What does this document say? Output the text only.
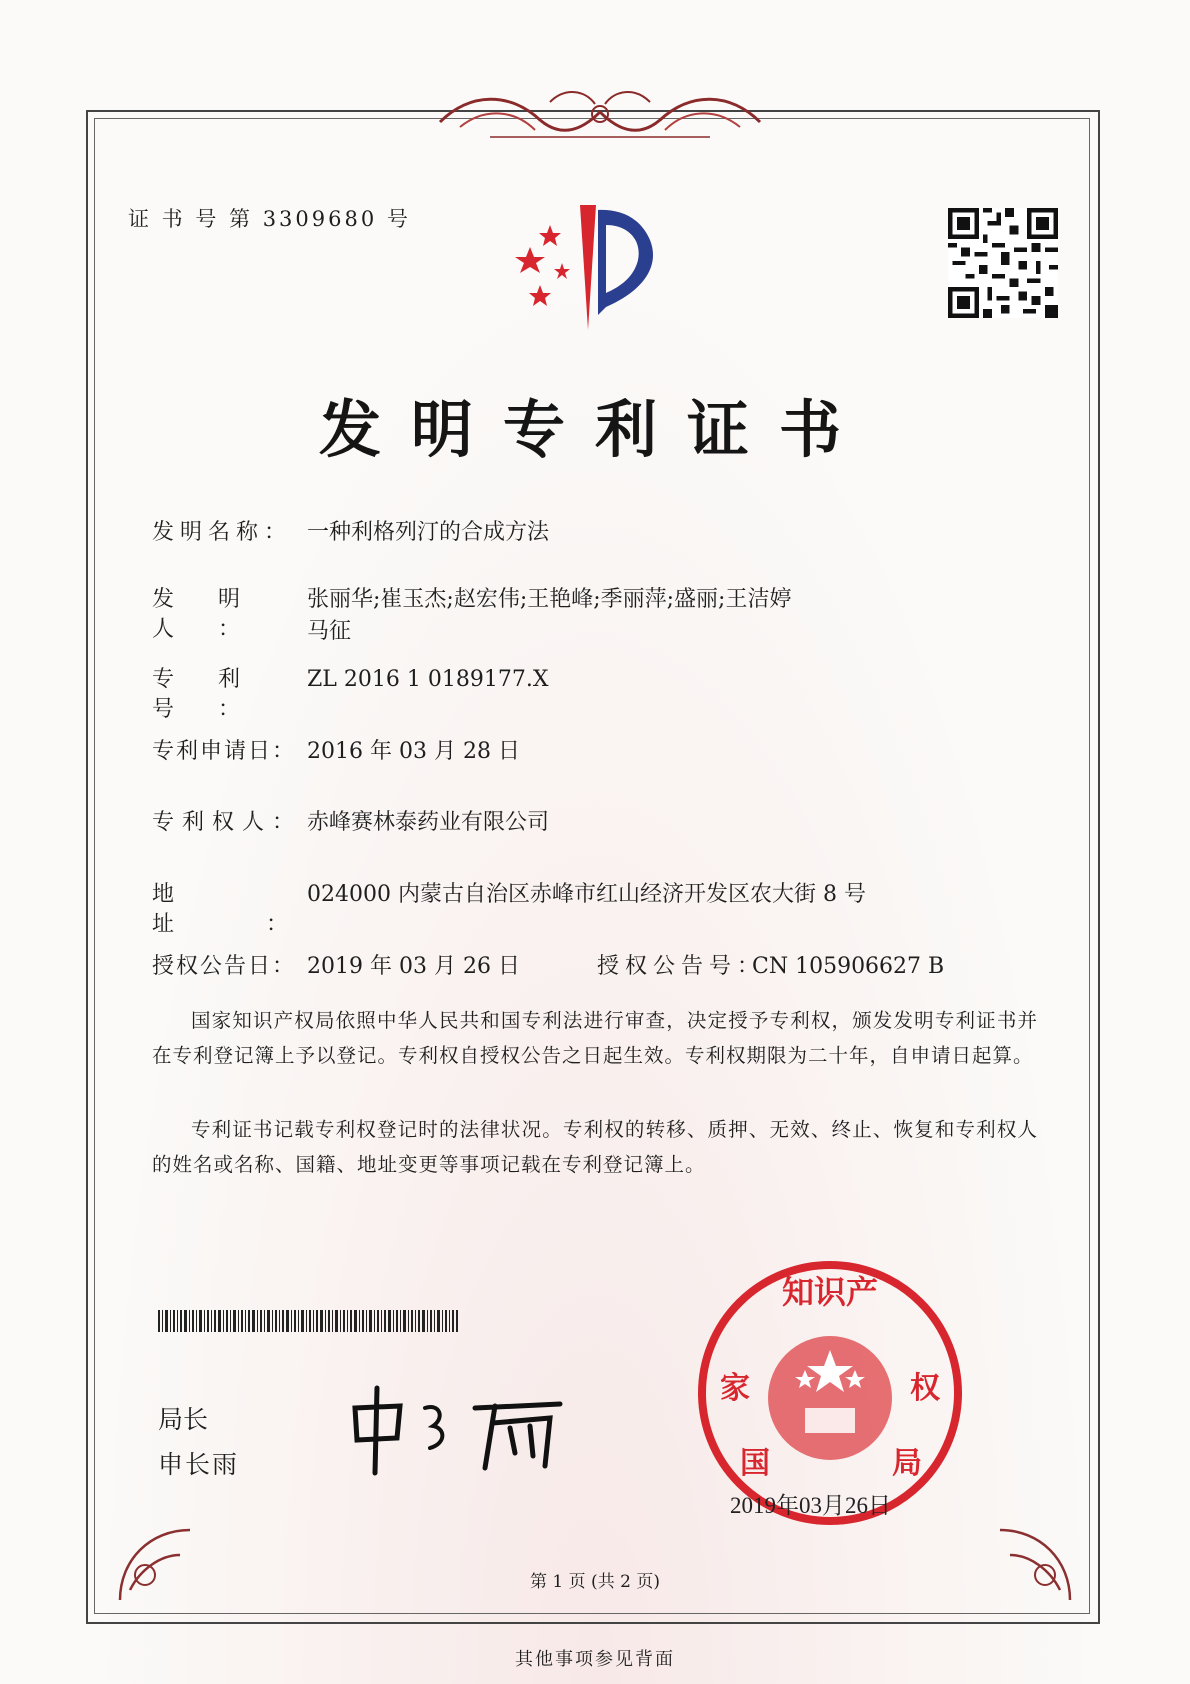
证 书 号 第 3309680 号
发明专利证书
发明名称： 一种利格列汀的合成方法
发明人：
张丽华;崔玉杰;赵宏伟;王艳峰;季丽萍;盛丽;王洁婷
马征
专利号：
ZL 2016 1 0189177.X
专利申请日： 2016 年 03 月 28 日
专利权人： 赤峰赛林泰药业有限公司
地址：
024000 内蒙古自治区赤峰市红山经济开发区农大街 8 号
授权公告日： 2019 年 03 月 26 日	授权公告号：
CN 105906627 B
国家知识产权局依照中华人民共和国专利法进行审查，决定授予专利权，颁发发明专利证书并在专利登记簿上予以登记。专利权自授权公告之日起生效。专利权期限为二十年，自申请日起算。
专利证书记载专利权登记时的法律状况。专利权的转移、质押、无效、终止、恢复和专利权人的姓名或名称、国籍、地址变更等事项记载在专利登记簿上。
局长
申长雨
知识产
家	权
国	局
2019年03月26日
第 1 页 (共 2 页)
其他事项参见背面
